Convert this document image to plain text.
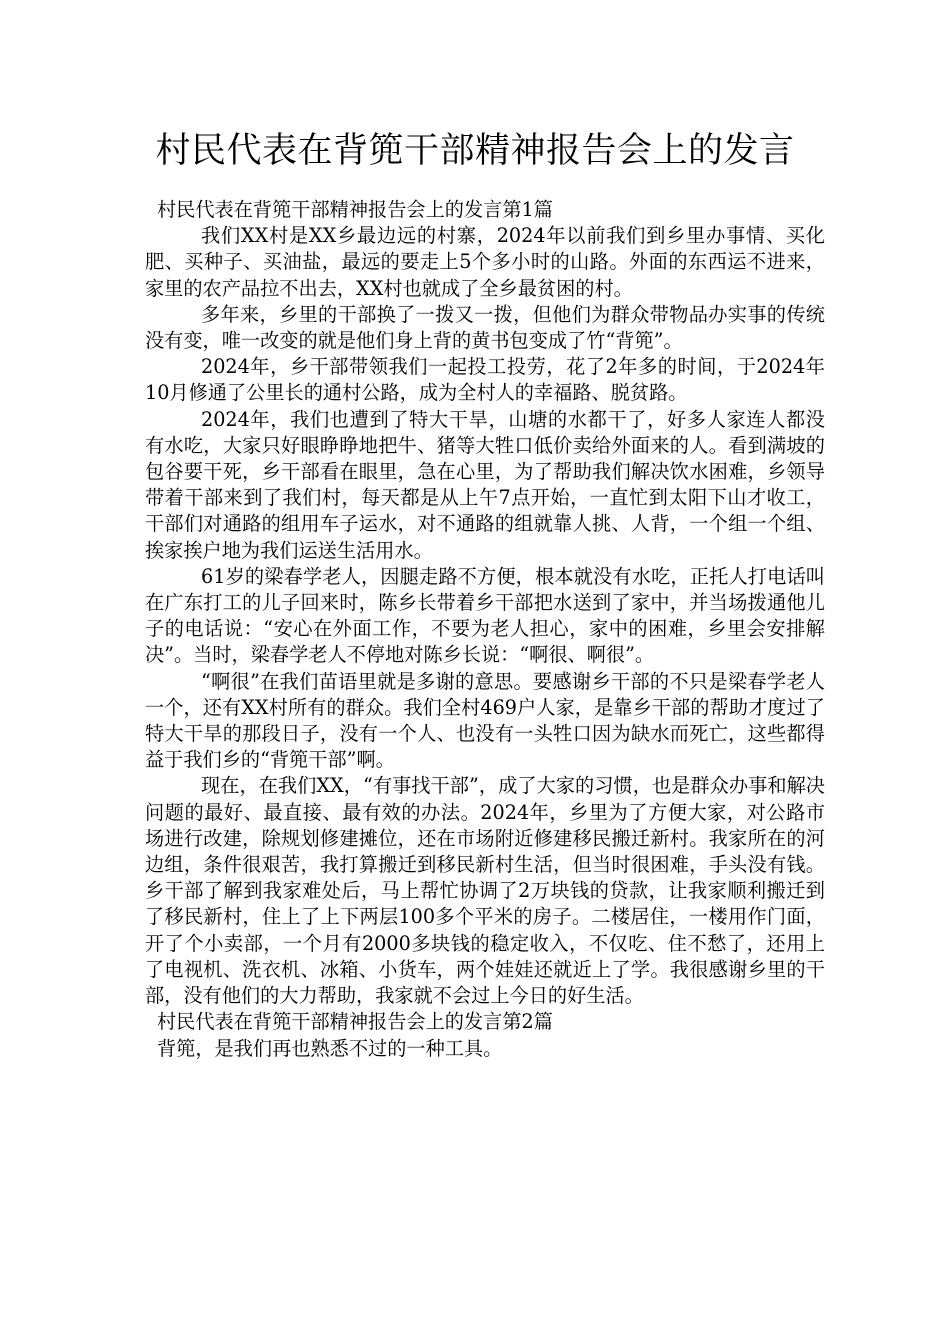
村民代表在背篼干部精神报告会上的发言

村民代表在背篼干部精神报告会上的发言第1篇

我们XX村是XX乡最边远的村寨，2024年以前我们到乡里办事情、买化肥、买种子、买油盐，最远的要走上5个多小时的山路。外面的东西运不进来，家里的农产品拉不出去，XX村也就成了全乡最贫困的村。

多年来，乡里的干部换了一拨又一拨，但他们为群众带物品办实事的传统没有变，唯一改变的就是他们身上背的黄书包变成了竹“背篼”。

2024年，乡干部带领我们一起投工投劳，花了2年多的时间，于2024年10月修通了公里长的通村公路，成为全村人的幸福路、脱贫路。

2024年，我们也遭到了特大干旱，山塘的水都干了，好多人家连人都没有水吃，大家只好眼睁睁地把牛、猪等大牲口低价卖给外面来的人。看到满坡的包谷要干死，乡干部看在眼里，急在心里，为了帮助我们解决饮水困难，乡领导带着干部来到了我们村，每天都是从上午7点开始，一直忙到太阳下山才收工，干部们对通路的组用车子运水，对不通路的组就靠人挑、人背，一个组一个组、挨家挨户地为我们运送生活用水。

61岁的梁春学老人，因腿走路不方便，根本就没有水吃，正托人打电话叫在广东打工的儿子回来时，陈乡长带着乡干部把水送到了家中，并当场拨通他儿子的电话说：“安心在外面工作，不要为老人担心，家中的困难，乡里会安排解决”。当时，梁春学老人不停地对陈乡长说：“啊很、啊很”。

“啊很”在我们苗语里就是多谢的意思。要感谢乡干部的不只是梁春学老人一个，还有XX村所有的群众。我们全村469户人家，是靠乡干部的帮助才度过了特大干旱的那段日子，没有一个人、也没有一头牲口因为缺水而死亡，这些都得益于我们乡的“背篼干部”啊。

现在，在我们XX，“有事找干部”，成了大家的习惯，也是群众办事和解决问题的最好、最直接、最有效的办法。2024年，乡里为了方便大家，对公路市场进行改建，除规划修建摊位，还在市场附近修建移民搬迁新村。我家所在的河边组，条件很艰苦，我打算搬迁到移民新村生活，但当时很困难，手头没有钱。乡干部了解到我家难处后，马上帮忙协调了2万块钱的贷款，让我家顺利搬迁到了移民新村，住上了上下两层100多个平米的房子。二楼居住，一楼用作门面，开了个小卖部，一个月有2000多块钱的稳定收入，不仅吃、住不愁了，还用上了电视机、洗衣机、冰箱、小货车，两个娃娃还就近上了学。我很感谢乡里的干部，没有他们的大力帮助，我家就不会过上今日的好生活。

村民代表在背篼干部精神报告会上的发言第2篇

背篼，是我们再也熟悉不过的一种工具。
